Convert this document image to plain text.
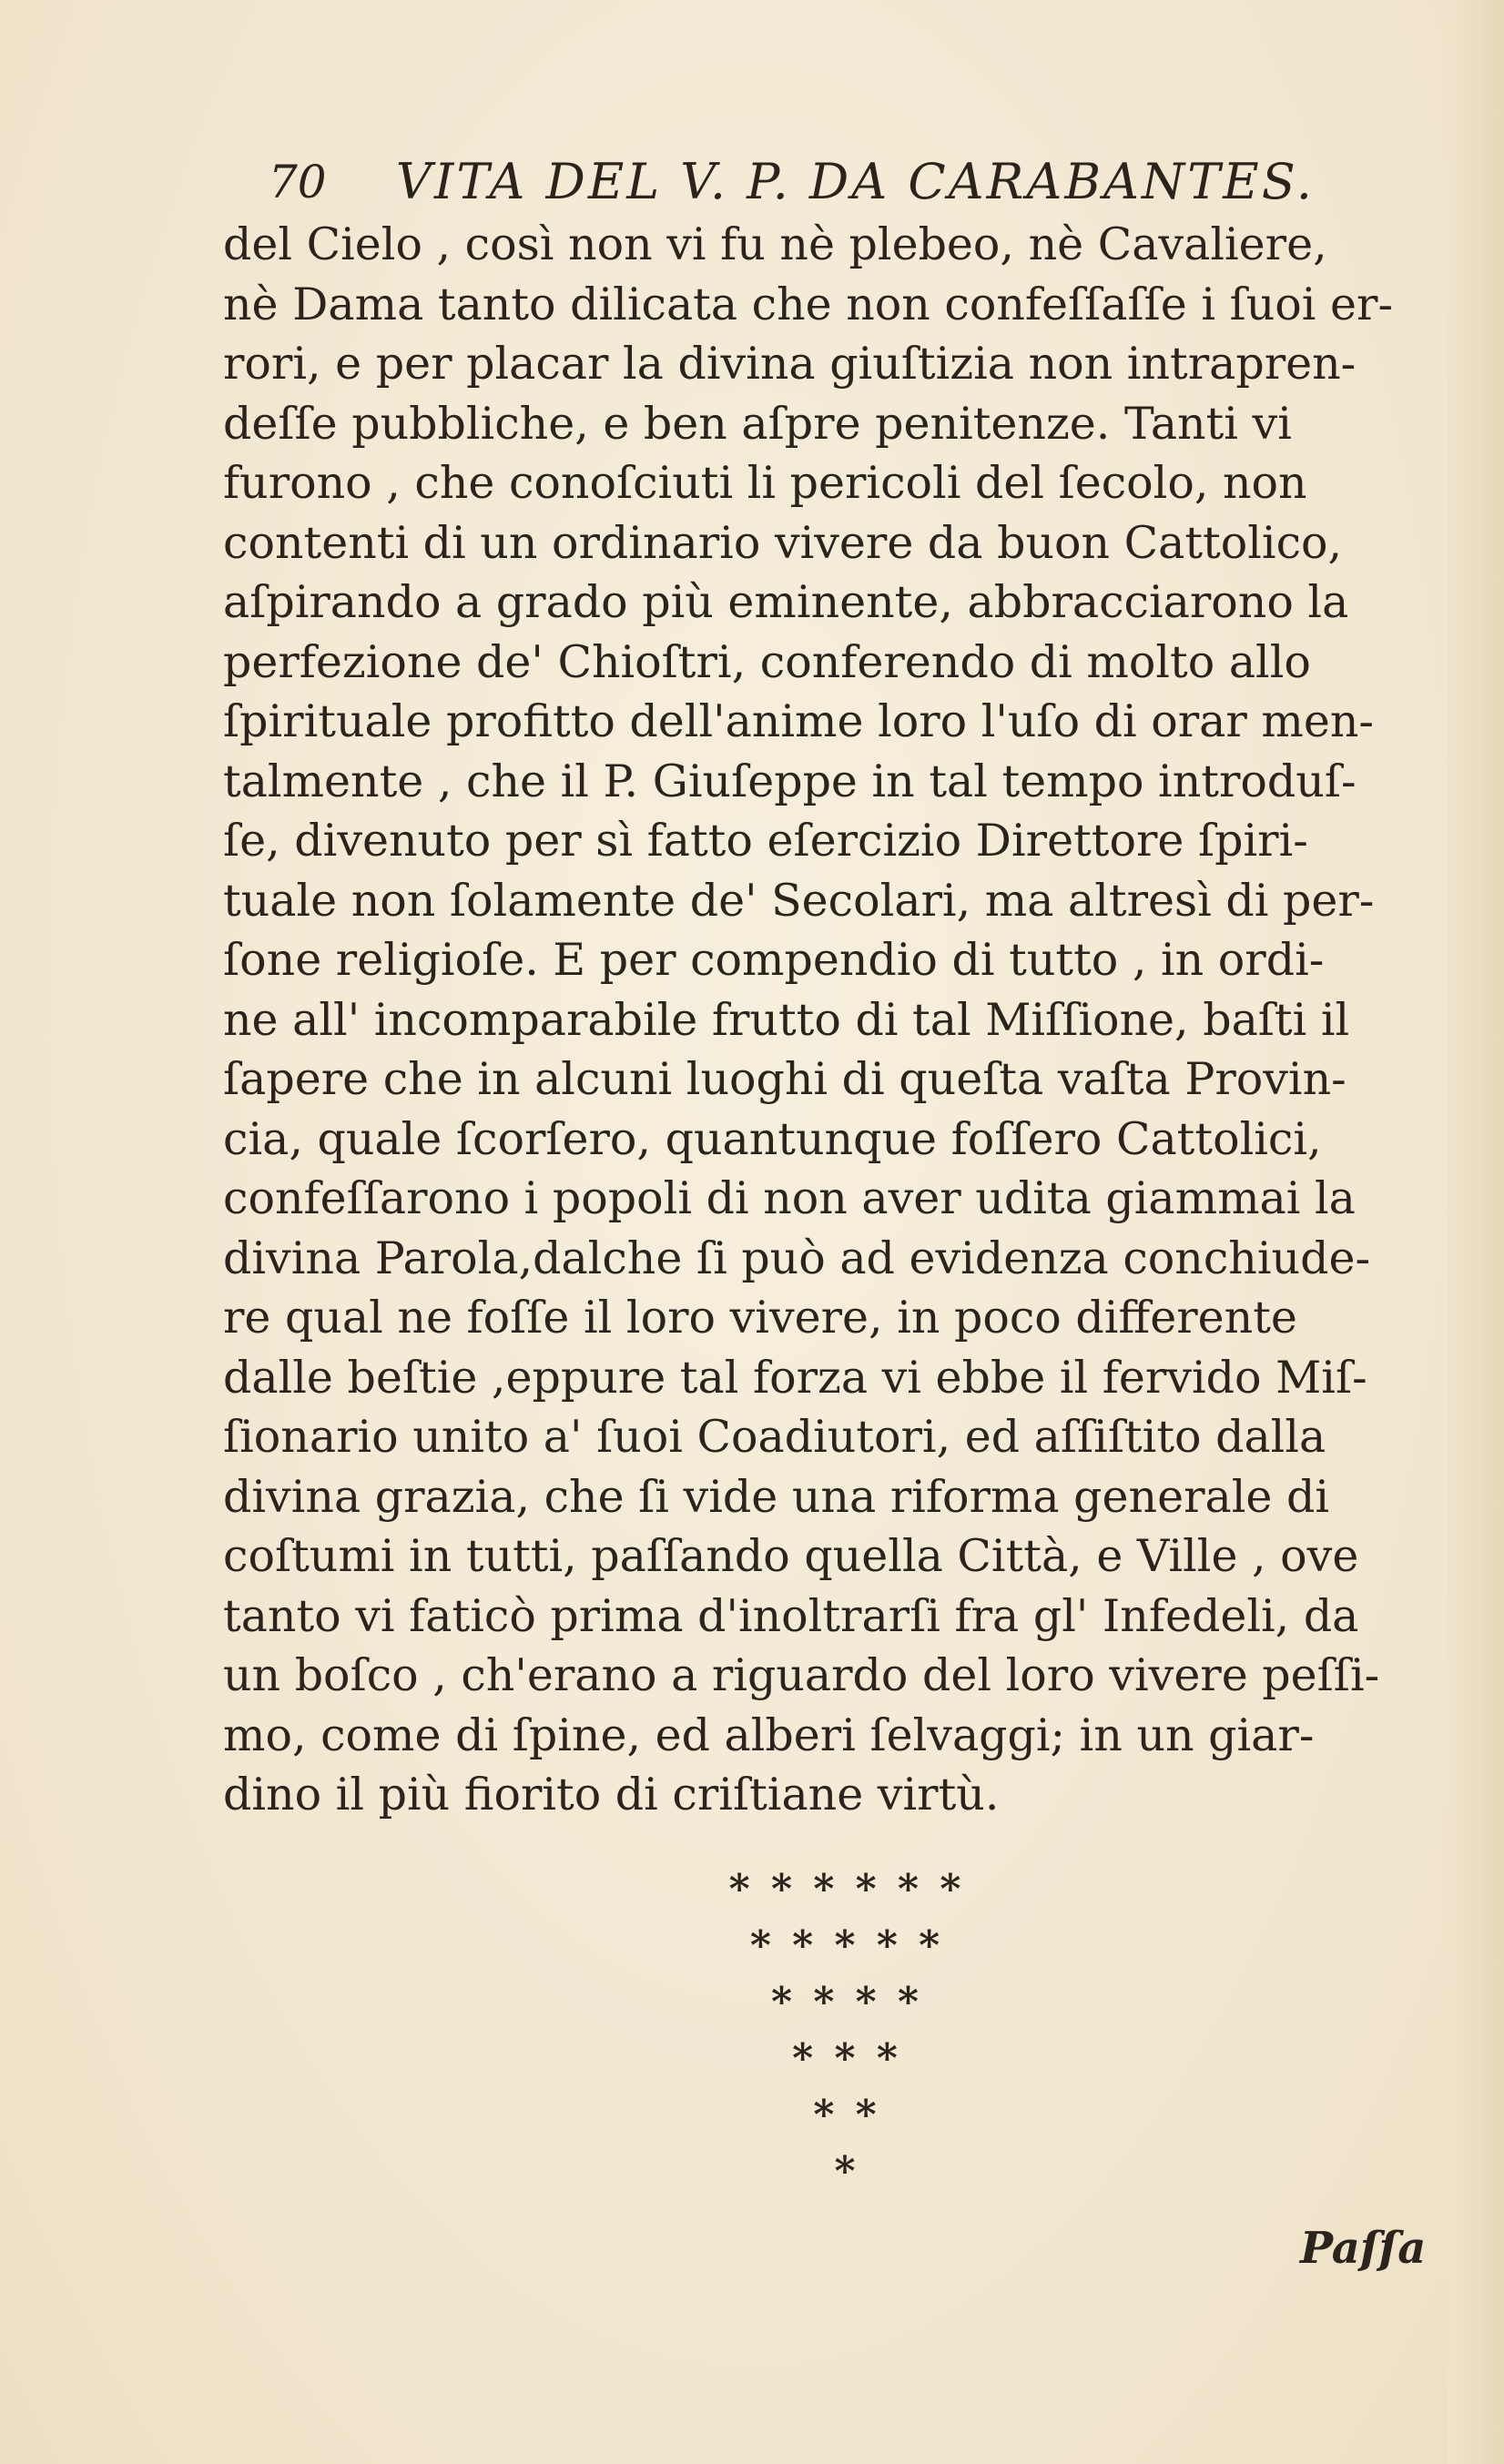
70 VITA DEL V. P. DA CARABANTES.
del Cielo , così non vi fu nè plebeo, nè Cavaliere,
nè Dama tanto dilicata che non confeſſaſſe i ſuoi er-
rori, e per placar la divina giuſtizia non intrapren-
deſſe pubbliche, e ben aſpre penitenze. Tanti vi
furono , che conoſciuti li pericoli del ſecolo, non
contenti di un ordinario vivere da buon Cattolico,
aſpirando a grado più eminente, abbracciarono la
perfezione de' Chioſtri, conferendo di molto allo
ſpirituale profitto dell'anime loro l'uſo di orar men-
talmente , che il P. Giuſeppe in tal tempo introduſ-
ſe, divenuto per sì fatto eſercizio Direttore ſpiri-
tuale non ſolamente de' Secolari, ma altresì di per-
ſone religioſe. E per compendio di tutto , in ordi-
ne all' incomparabile frutto di tal Miſſione, baſti il
ſapere che in alcuni luoghi di queſta vaſta Provin-
cia, quale ſcorſero, quantunque foſſero Cattolici,
confeſſarono i popoli di non aver udita giammai la
divina Parola,dalche ſi può ad evidenza conchiude-
re qual ne foſſe il loro vivere, in poco differente
dalle beſtie ,eppure tal forza vi ebbe il fervido Miſ-
ſionario unito a' ſuoi Coadiutori, ed aſſiſtito dalla
divina grazia, che ſi vide una riforma generale di
coſtumi in tutti, paſſando quella Città, e Ville , ove
tanto vi faticò prima d'inoltrarſi fra gl' Infedeli, da
un boſco , ch'erano a riguardo del loro vivere peſſi-
mo, come di ſpine, ed alberi ſelvaggi; in un giar-
dino il più fiorito di criſtiane virtù.
* * * * * *
* * * * *
* * * *
* * *
* *
*
Paſſa
